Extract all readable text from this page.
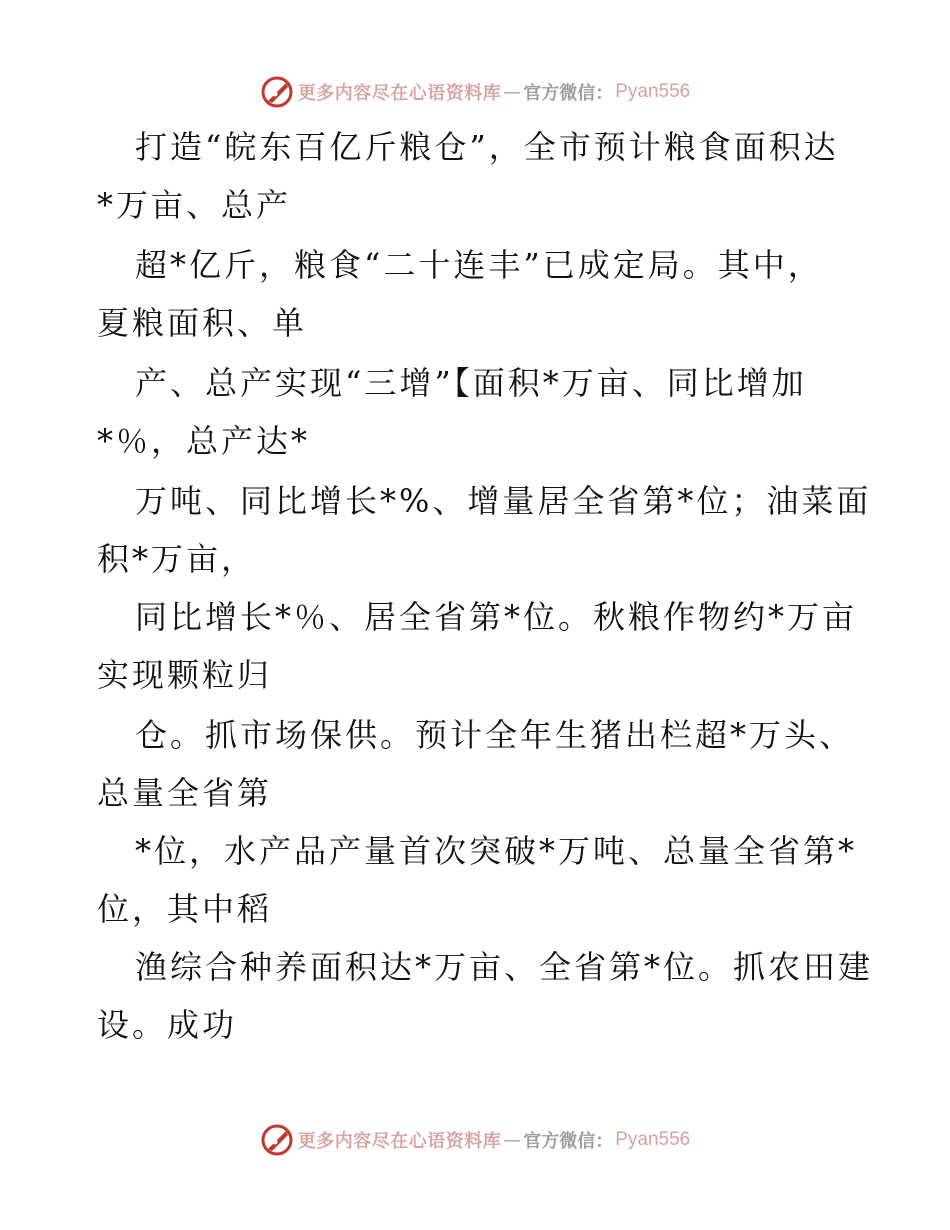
更多内容尽在心语资料库 — 官方微信： Pyan556
打造“皖东百亿斤粮仓”，全市预计粮食面积达
*万亩、总产
超*亿斤，粮食“二十连丰”已成定局。其中，
夏粮面积、单
产、总产实现“三增”【面积*万亩、同比增加
*％，总产达*
万吨、同比增长*%、增量居全省第*位；油菜面
积*万亩，
同比增长*％、居全省第*位。秋粮作物约*万亩
实现颗粒归
仓。抓市场保供。预计全年生猪出栏超*万头、
总量全省第
*位，水产品产量首次突破*万吨、总量全省第*
位，其中稻
渔综合种养面积达*万亩、全省第*位。抓农田建
设。成功
更多内容尽在心语资料库 — 官方微信： Pyan556
